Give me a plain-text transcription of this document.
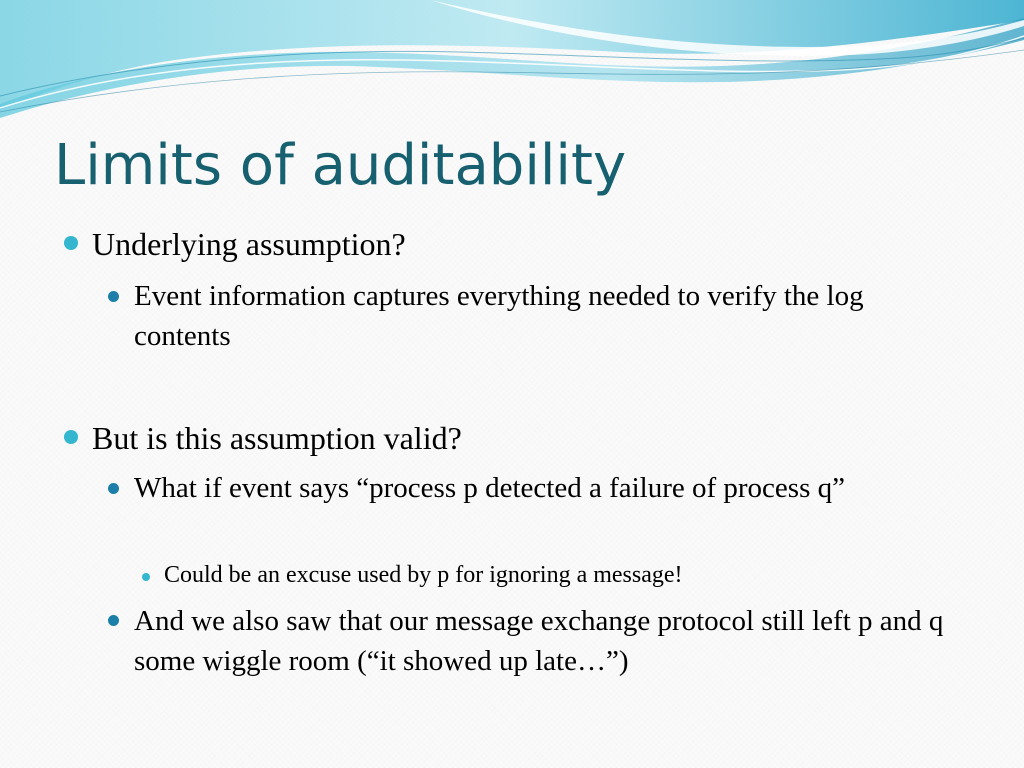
Limits of auditability
Underlying assumption?
Event information captures everything needed to verify the log contents
But is this assumption valid?
What if event says “process p detected a failure of process q”
Could be an excuse used by p for ignoring a message!
And we also saw that our message exchange protocol still left p and q some wiggle room (“it showed up late…”)
